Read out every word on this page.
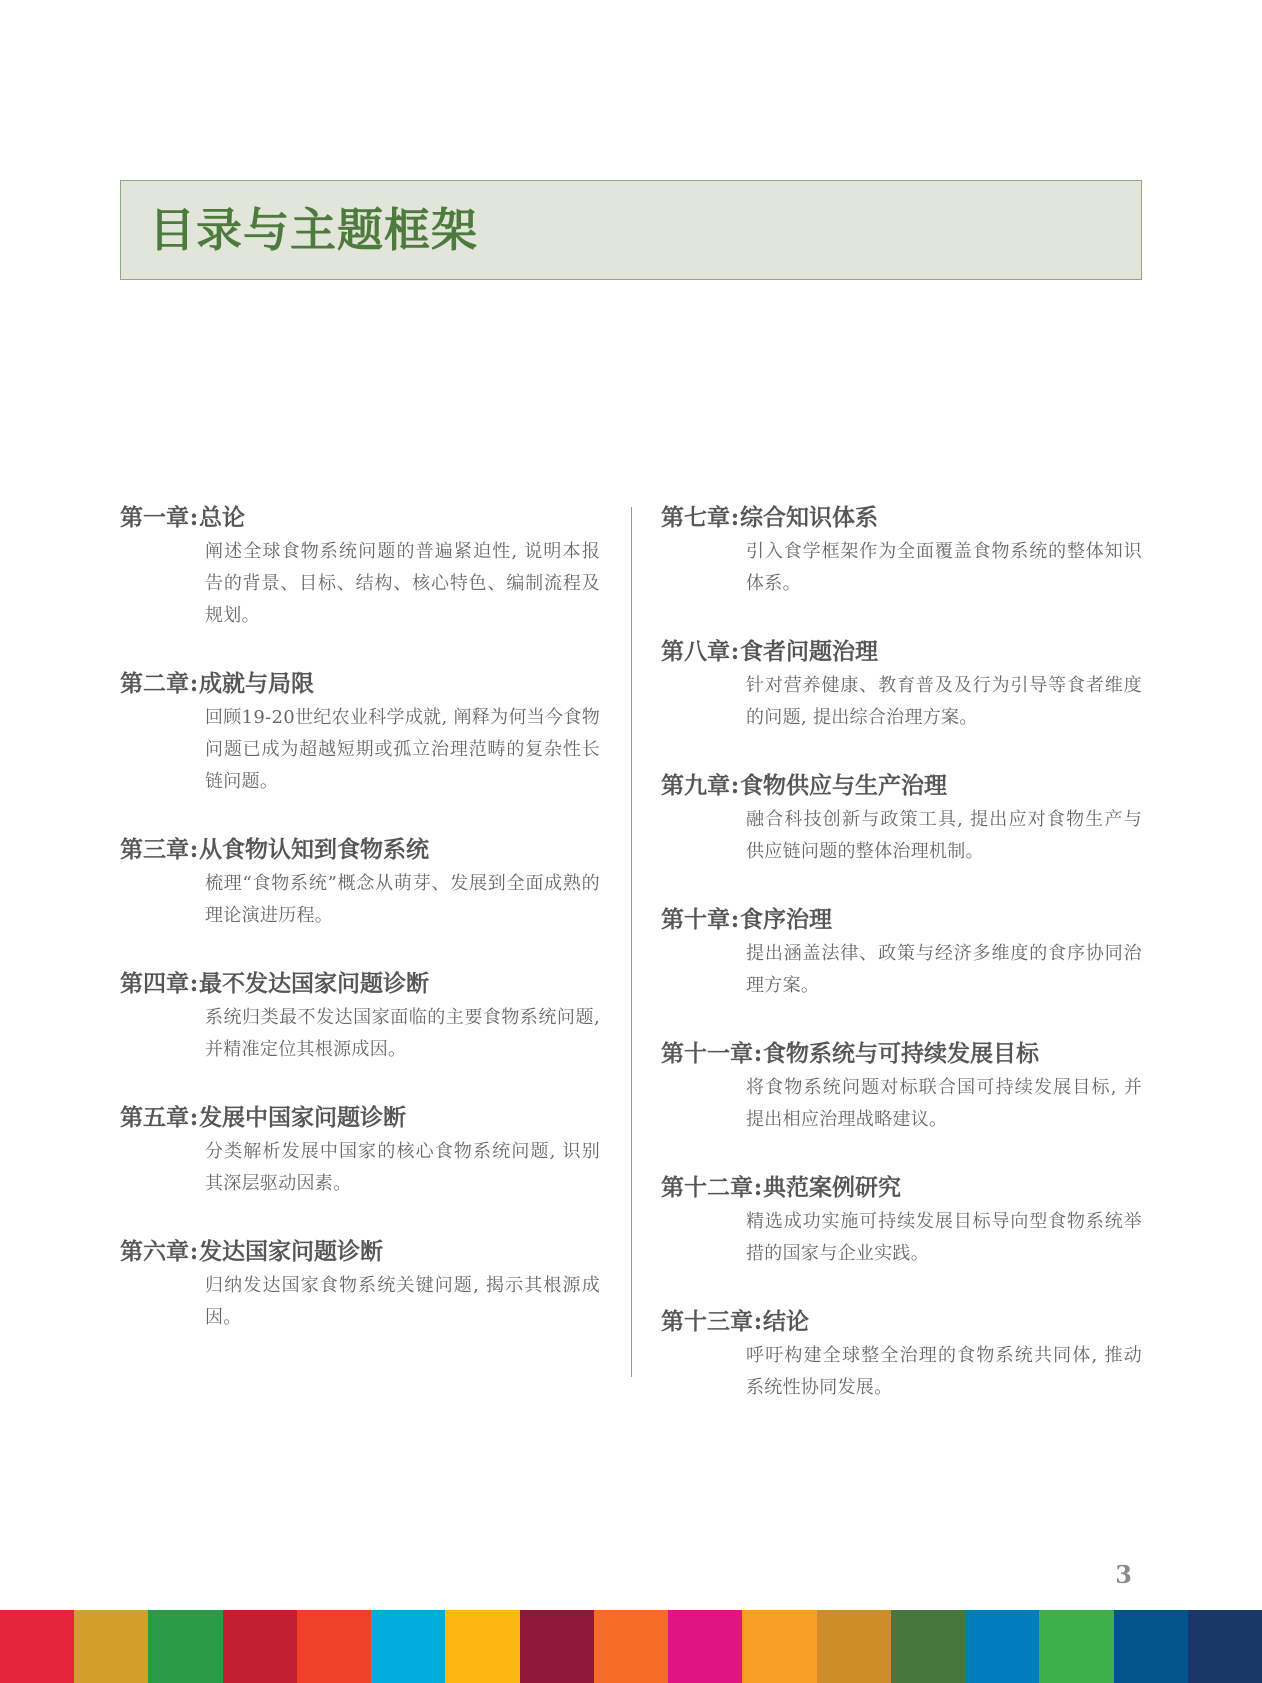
目录与主题框架
第一章 : 总论
阐述全球食物系统问题的普遍紧迫性, 说明本报告的背景、目标、结构、核心特色、编制流程及规划。
第二章 : 成就与局限
回顾19-20世纪农业科学成就, 阐释为何当今食物问题已成为超越短期或孤立治理范畴的复杂性长链问题。
第三章 : 从食物认知到食物系统
梳理“食物系统”概念从萌芽、发展到全面成熟的理论演进历程。
第四章 : 最不发达国家问题诊断
系统归类最不发达国家面临的主要食物系统问题, 并精准定位其根源成因。
第五章 : 发展中国家问题诊断
分类解析发展中国家的核心食物系统问题, 识别其深层驱动因素。
第六章 : 发达国家问题诊断
归纳发达国家食物系统关键问题, 揭示其根源成因。
第七章 : 综合知识体系
引入食学框架作为全面覆盖食物系统的整体知识体系。
第八章 : 食者问题治理
针对营养健康、教育普及及行为引导等食者维度的问题, 提出综合治理方案。
第九章 : 食物供应与生产治理
融合科技创新与政策工具, 提出应对食物生产与供应链问题的整体治理机制。
第十章 : 食序治理
提出涵盖法律、政策与经济多维度的食序协同治理方案。
第十一章 : 食物系统与可持续发展目标
将食物系统问题对标联合国可持续发展目标, 并提出相应治理战略建议。
第十二章 : 典范案例研究
精选成功实施可持续发展目标导向型食物系统举措的国家与企业实践。
第十三章 : 结论
呼吁构建全球整全治理的食物系统共同体, 推动系统性协同发展。
3
